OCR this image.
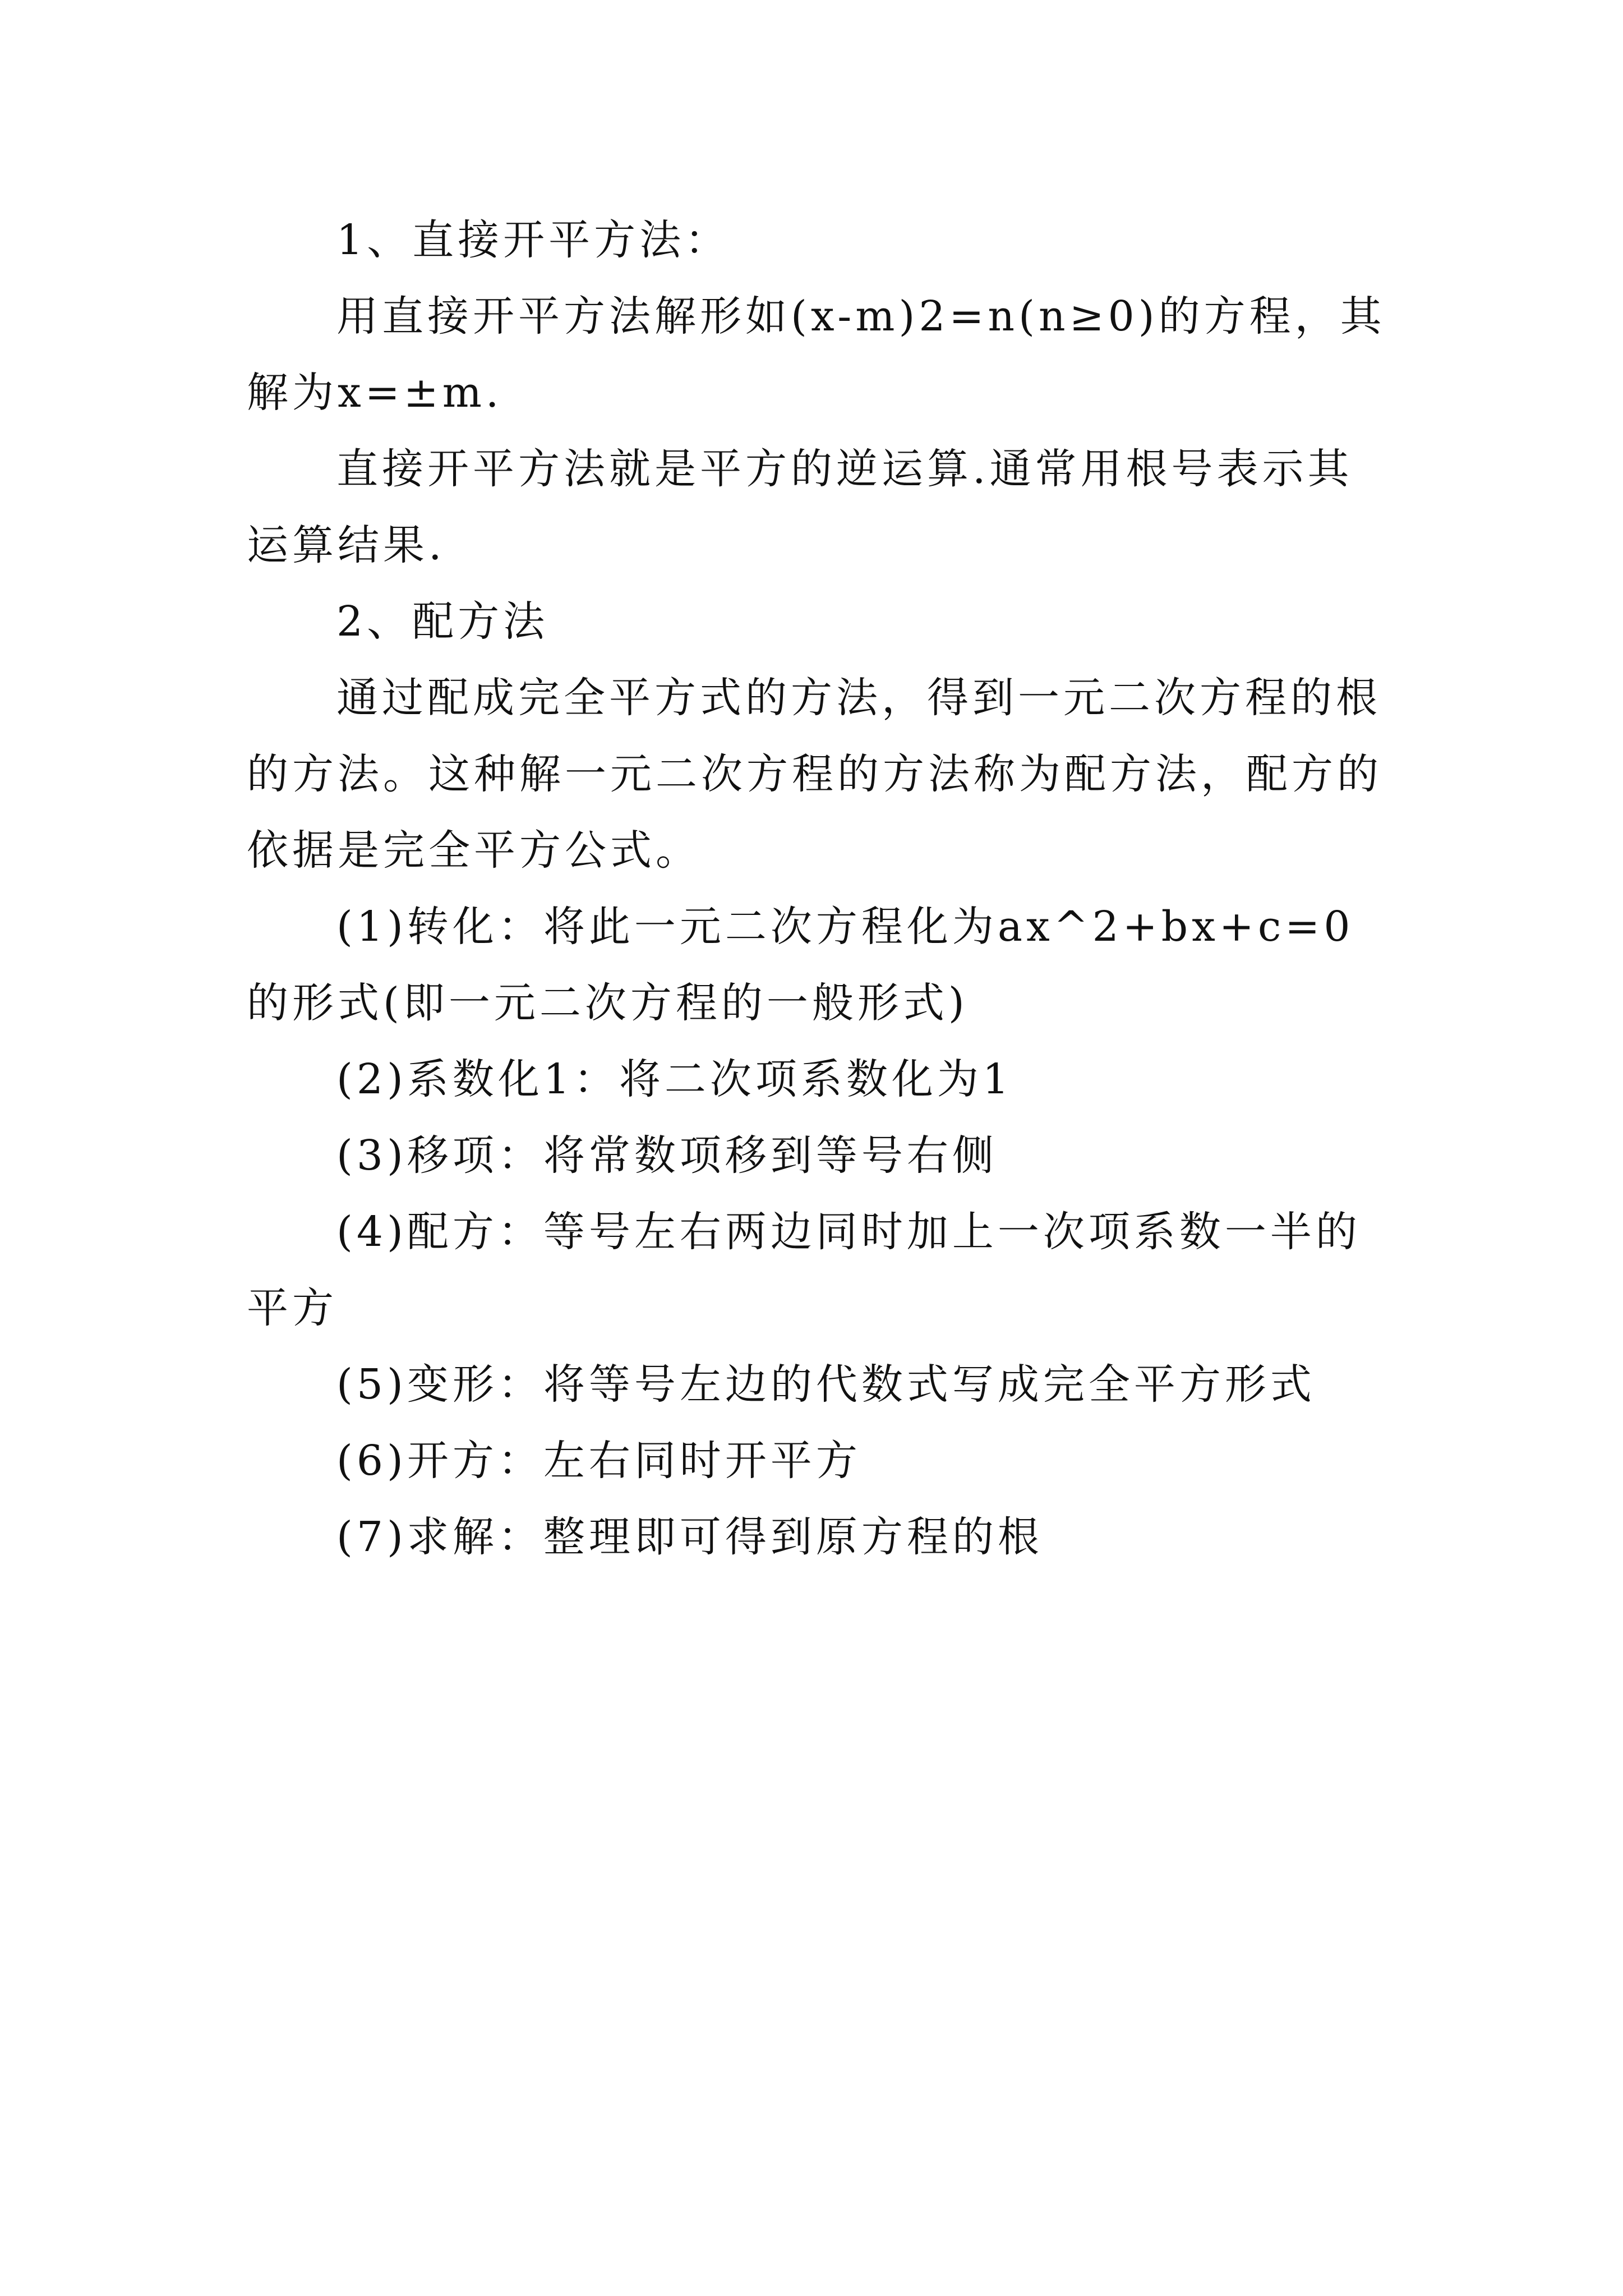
1、直接开平方法：

用直接开平方法解形如(x-m)2=n(n≥0)的方程，其解为x=±m.

直接开平方法就是平方的逆运算.通常用根号表示其运算结果.

2、配方法

通过配成完全平方式的方法，得到一元二次方程的根的方法。这种解一元二次方程的方法称为配方法，配方的依据是完全平方公式。

(1)转化：将此一元二次方程化为ax^2+bx+c=0的形式(即一元二次方程的一般形式)

(2)系数化1：将二次项系数化为1

(3)移项：将常数项移到等号右侧

(4)配方：等号左右两边同时加上一次项系数一半的平方

(5)变形：将等号左边的代数式写成完全平方形式

(6)开方：左右同时开平方

(7)求解：整理即可得到原方程的根
